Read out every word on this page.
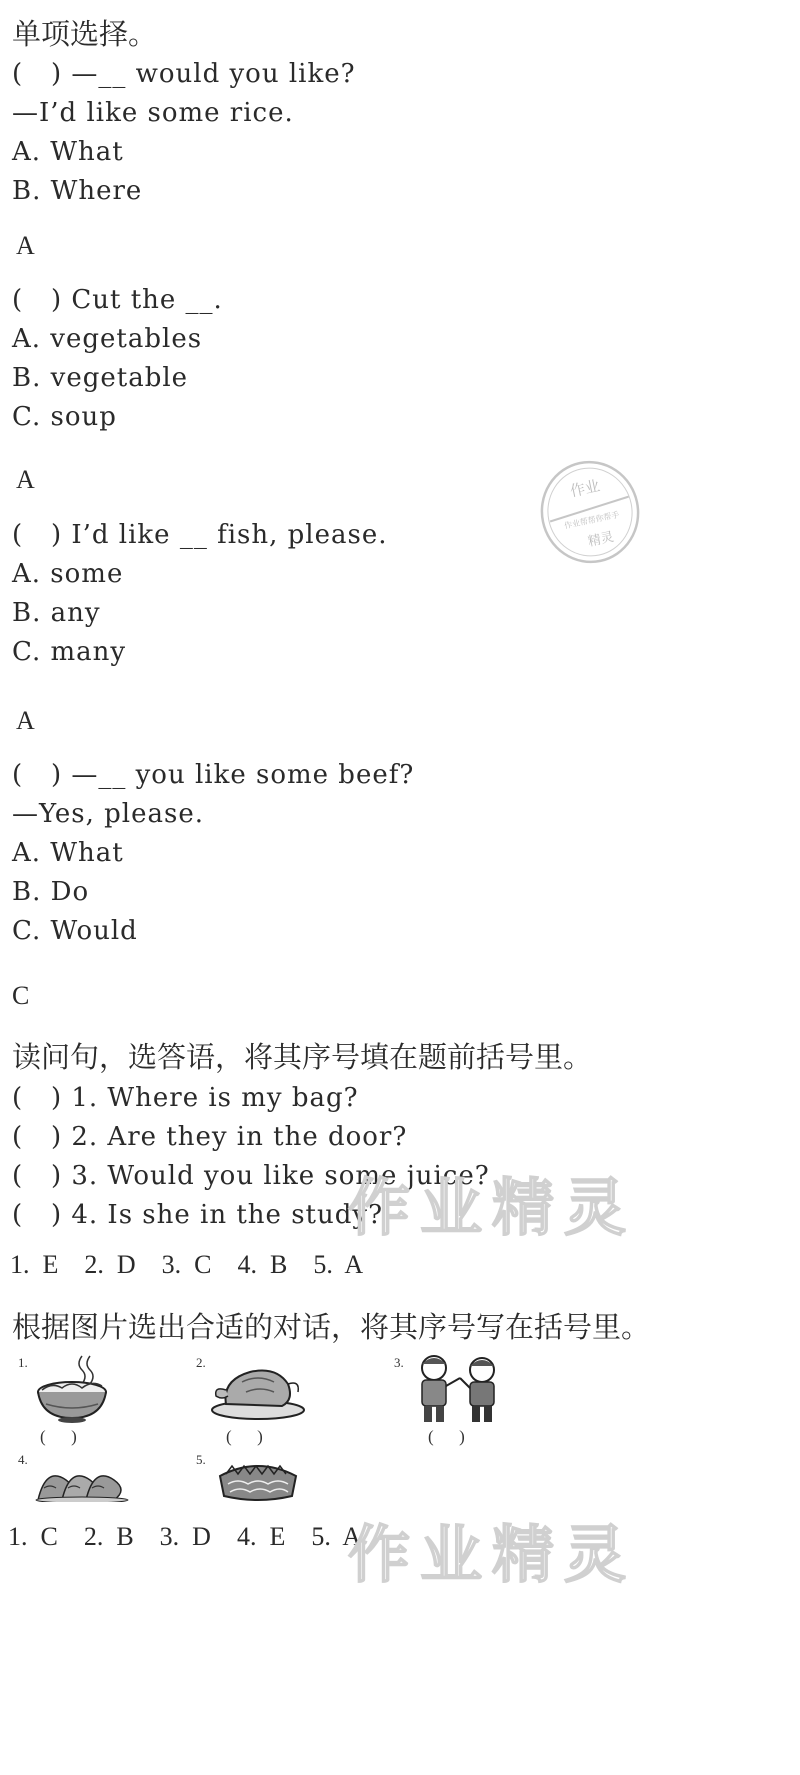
单项选择。
(   ) —__ would you like?
—I’d like some rice.
A. What
B. Where
A
(   ) Cut the __.
A. vegetables
B. vegetable
C. soup
A
(   ) I’d like __ fish, please.
A. some
B. any
C. many
A
(   ) —__ you like some beef?
—Yes, please.
A. What
B. Do
C. Would
C
读问句，选答语，将其序号填在题前括号里。
(   ) 1. Where is my bag?
(   ) 2. Are they in the door?
(   ) 3. Would you like some juice?
(   ) 4. Is she in the study?
1.  E    2.  D    3.  C    4.  B    5.  A
根据图片选出合适的对话，将其序号写在括号里。
1.	2.	3.
4.	5.
(      )	(      )	(      )
1.  C    2.  B    3.  D    4.  E    5.  A
作业
作业帮帮你帮手
精灵
作业精灵
作业精灵
